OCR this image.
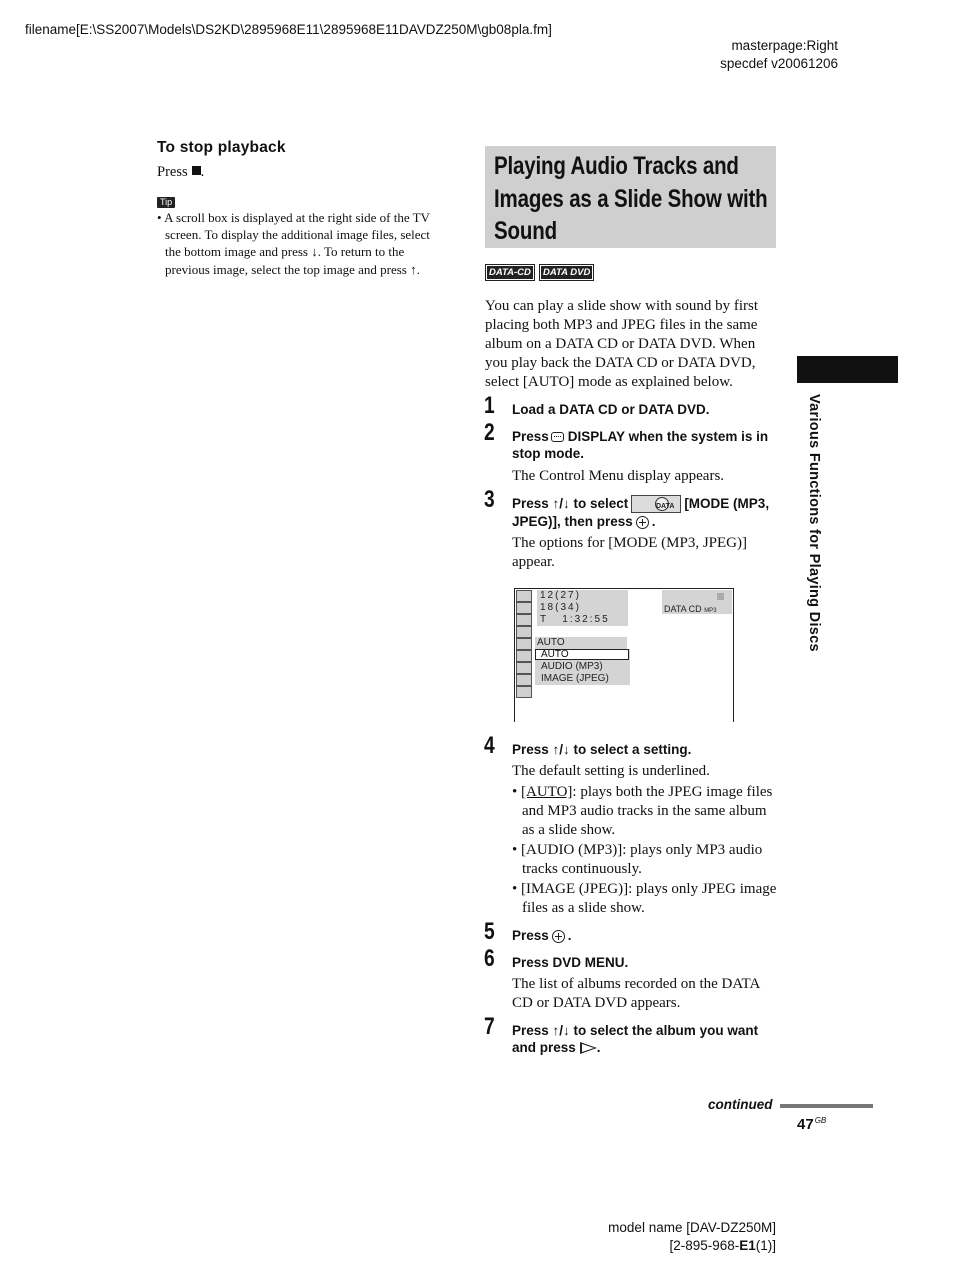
filename[E:\SS2007\Models\DS2KD\2895968E11\2895968E11DAVDZ250M\gb08pla.fm]
masterpage:Right
specdef v20061206
To stop playback
Press .
Tip
• A scroll box is displayed at the right side of the TV screen. To display the additional image files, select the bottom image and press ↓. To return to the previous image, select the top image and press ↑.
Playing Audio Tracks and Images as a Slide Show with Sound
DATA-CD	DATA DVD
You can play a slide show with sound by first placing both MP3 and JPEG files in the same album on a DATA CD or DATA DVD. When you play back the DATA CD or DATA DVD, select [AUTO] mode as explained below.
1 Load a DATA CD or DATA DVD.
2 Press DISPLAY when the system is in stop mode.
The Control Menu display appears.
3 Press ↑/↓ to select	DATA [MODE (MP3, JPEG)], then press .
The options for [MODE (MP3, JPEG)] appear.
12(27)
18(34)
T   1:32:55
DATA CD MP3
AUTO
AUDIO (MP3)
IMAGE (JPEG)
AUTO
4 Press ↑/↓ to select a setting.
The default setting is underlined.
• [AUTO]: plays both the JPEG image files and MP3 audio tracks in the same album as a slide show.
• [AUDIO (MP3)]: plays only MP3 audio tracks continuously.
• [IMAGE (JPEG)]: plays only JPEG image files as a slide show.
5 Press .
6 Press DVD MENU.
The list of albums recorded on the DATA CD or DATA DVD appears.
7 Press ↑/↓ to select the album you want and press .
Various Functions for Playing Discs
continued
$47^{GB}$
model name [DAV-DZ250M]
[2-895-968-E1(1)]
